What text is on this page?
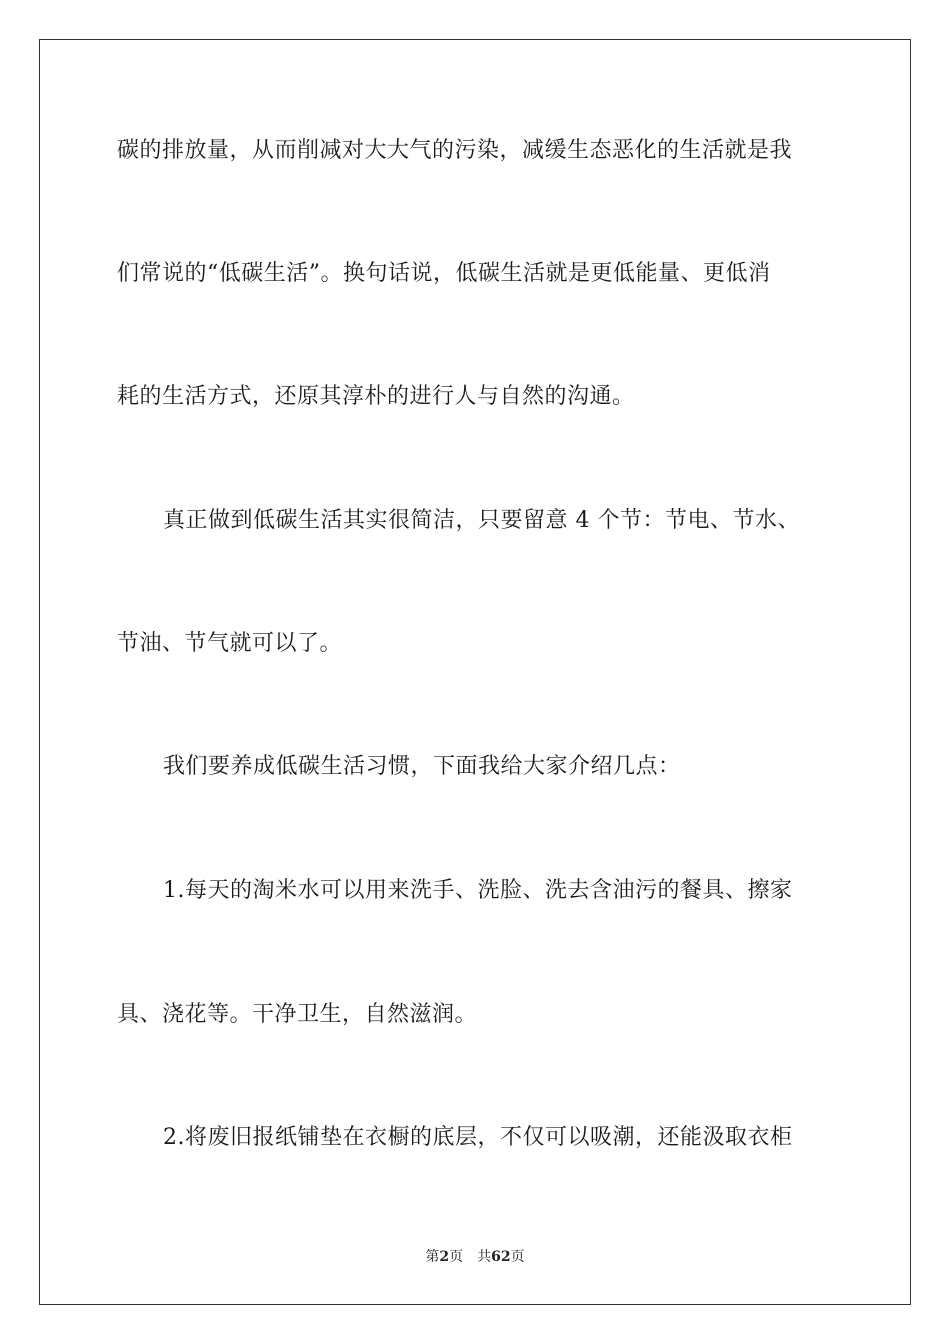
碳的排放量，从而削减对大大气的污染，减缓生态恶化的生活就是我
们常说的“低碳生活”。换句话说，低碳生活就是更低能量、更低消
耗的生活方式，还原其淳朴的进行人与自然的沟通。
真正做到低碳生活其实很简洁，只要留意 4 个节：节电、节水、
节油、节气就可以了。
我们要养成低碳生活习惯，下面我给大家介绍几点：
1.每天的淘米水可以用来洗手、洗脸、洗去含油污的餐具、擦家
具、浇花等。干净卫生，自然滋润。
2.将废旧报纸铺垫在衣橱的底层，不仅可以吸潮，还能汲取衣柜
第2页 共62页
